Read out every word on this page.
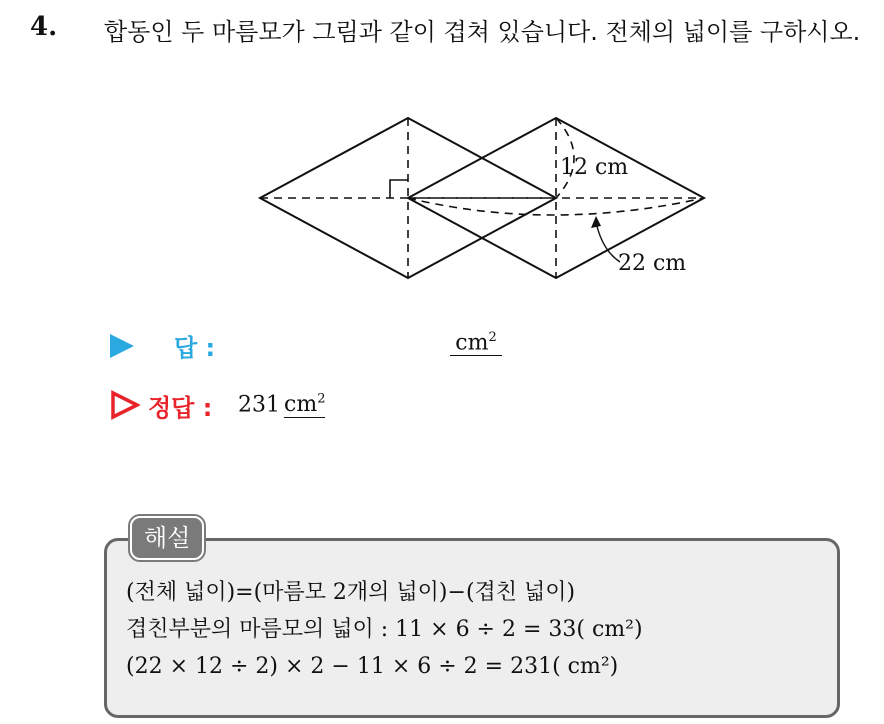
4. 합동인 두 마름모가 그림과 같이 겹쳐 있습니다. 전체의 넓이를 구하시오.
12 cm
22 cm
답 :	$cm^2$
정답 : 231 $cm^2$
해설
(전체 넓이)=(마름모 2개의 넓이)−(겹친 넓이)
겹친부분의 마름모의 넓이 : 11 × 6 ÷ 2 = 33( cm²)
(22 × 12 ÷ 2) × 2 − 11 × 6 ÷ 2 = 231( cm²)
